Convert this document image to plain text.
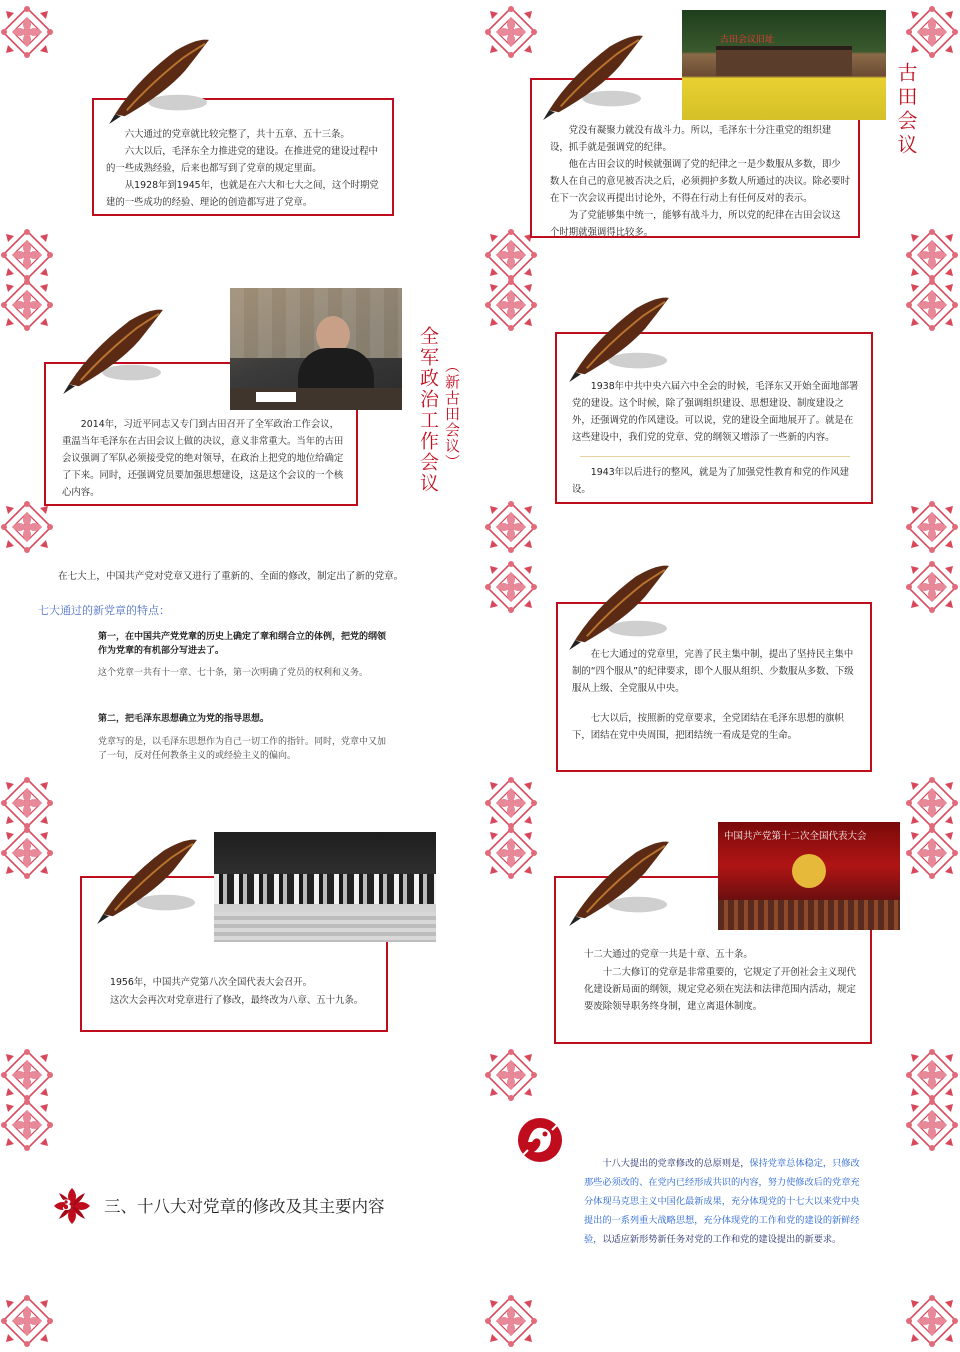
六大通过的党章就比较完整了，共十五章、五十三条。

六大以后，毛泽东全力推进党的建设。在推进党的建设过程中的一些成熟经验，后来也都写到了党章的规定里面。

从1928年到1945年，也就是在六大和七大之间，这个时期党建的一些成功的经验、理论的创造都写进了党章。

古田会议旧址
古田会议

党没有凝聚力就没有战斗力。所以，毛泽东十分注重党的组织建设，抓手就是强调党的纪律。

他在古田会议的时候就强调了党的纪律之一是少数服从多数，即少数人在自己的意见被否决之后，必须拥护多数人所通过的决议。除必要时在下一次会议再提出讨论外，不得在行动上有任何反对的表示。

为了党能够集中统一，能够有战斗力，所以党的纪律在古田会议这个时期就强调得比较多。

全军政治工作会议 （新古田会议）

2014年，习近平同志又专门到古田召开了全军政治工作会议，重温当年毛泽东在古田会议上做的决议，意义非常重大。当年的古田会议强调了军队必须接受党的绝对领导，在政治上把党的地位给确定了下来。同时，还强调党员要加强思想建设，这是这个会议的一个核心内容。

1938年中共中央六届六中全会的时候，毛泽东又开始全面地部署党的建设。这个时候，除了强调组织建设、思想建设、制度建设之外，还强调党的作风建设。可以说，党的建设全面地展开了。就是在这些建设中，我们党的党章、党的纲领又增添了一些新的内容。

1943年以后进行的整风，就是为了加强党性教育和党的作风建设。

在七大上，中国共产党对党章又进行了重新的、全面的修改，制定出了新的党章。
七大通过的新党章的特点：
第一，在中国共产党党章的历史上确定了章和纲合立的体例，把党的纲领作为党章的有机部分写进去了。
这个党章一共有十一章、七十条，第一次明确了党员的权利和义务。
第二，把毛泽东思想确立为党的指导思想。
党章写的是，以毛泽东思想作为自己一切工作的指针。同时，党章中又加了一句，反对任何教条主义的或经验主义的偏向。

在七大通过的党章里，完善了民主集中制，提出了坚持民主集中制的“四个服从”的纪律要求，即个人服从组织、少数服从多数、下级服从上级、全党服从中央。

七大以后，按照新的党章要求，全党团结在毛泽东思想的旗帜下，团结在党中央周围，把团结统一看成是党的生命。

1956年，中国共产党第八次全国代表大会召开。
这次大会再次对党章进行了修改，最终改为八章、五十九条。
中国共产党第十二次全国代表大会
十二大通过的党章一共是十章、五十条。

十二大修订的党章是非常重要的，它规定了开创社会主义现代化建设新局面的纲领，规定党必须在宪法和法律范围内活动，规定要废除领导职务终身制，建立离退休制度。

3 三、十八大对党章的修改及其主要内容
十八大提出的党章修改的总原则是，保持党章总体稳定，只修改那些必须改的、在党内已经形成共识的内容，努力使修改后的党章充分体现马克思主义中国化最新成果，充分体现党的十七大以来党中央提出的一系列重大战略思想，充分体现党的工作和党的建设的新鲜经验，以适应新形势新任务对党的工作和党的建设提出的新要求。
